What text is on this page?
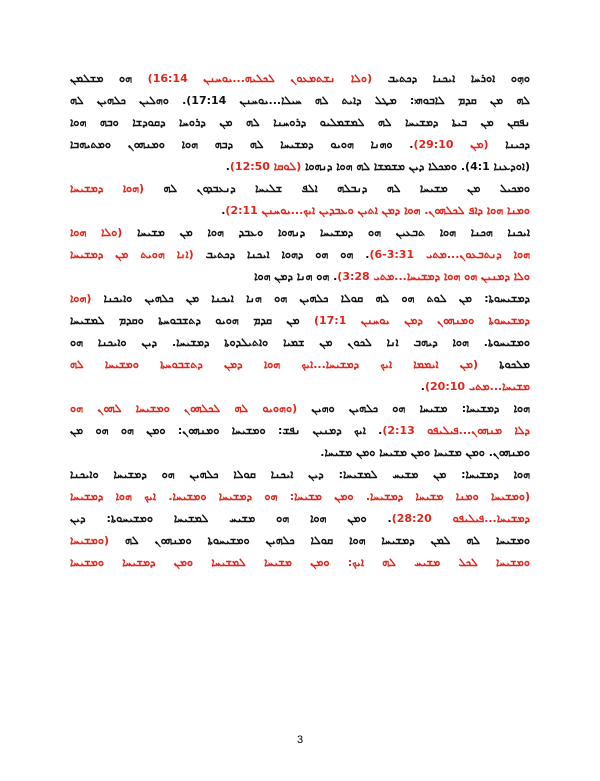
ܘܗ݂ܘ ܐܘܪܚܐ ܐܝܟܢܐ ܕܟܬܝܒ (ܘܠܐ ܢܫܬܡܥܘܢ ܠܟܠܝܗ...ܝܘܚܢܢ 16:14) ܗܘ ܡܫܠܡܢ
ܠܗ ܡܢ ܩܕܡ ܠܐܒܘܗܝ: ܡܛܠ ܕܐܝܬ ܠܗ ܚܝܠܐ...ܝܘܚܢܢ 17:14). ܘܗܠܝܢ ܟܠܗܝܢ ܠܗ
ܢܦܩܢ ܡܢ ܒܝܬܐ ܕܡܫܝܚܐ ܠܗ ܠܡܫܡܠܝܘ ܕܪܘܚܢܐ ܠܗ ܡܢ ܕܪܘܚܐ ܕܩܘܕܫܐ ܘܒܗ ܗܘܐ
ܕܟܝܢܐ (ܡܢ 29:10). ܘܗܢܐ ܗܘܝܘ ܕܡܫܝܚܐ ܠܗ ܕܒܗ ܗܘܐ ܘܡܢܗܘܢ ܘܡܬܝܗܒܐ
(ܐܘܕܥܢܐ 4:1). ܘܡܟܠܐ ܕܝܢ ܡܫܡܫܐ ܠܗ ܗܘܐ ܕܢܗܘܐ (ܠܘܩܐ 12:50).
ܘܡܟܝܠ ܡܢ ܡܫܝܚܐ ܠܗ ܕܢܒܠܗ ܐܠܦ ܫܠܝܚܐ ܕܢܥܒܕܘܢ ܠܗ (ܗܘܐ ܕܡܫܝܚܐ
ܘܡܢܐ ܗܘܐ ܕܐܦ ܠܟܠܗܘܢ. ܗܘܐ ܕܡܢ ܐܬܝܢ ܘܥܒܕܝܢ ܐܝܟ...ܝܘܚܢܢ 2:11).
ܐܝܟܢܐ ܗܟܢܐ ܗܘܐ ܬܒܥܝܢ ܗܘ ܕܡܫܝܚܐ ܕܢܗܘܐ ܘܥܒܕ ܗܘܐ ܡܢ ܡܫܝܚܐ (ܘܠܐ ܗܘܐ
ܗܘܐ ܕܢܬܒܥܘܢ...ܡܬܝ 3:31-6). ܗܘ ܗܘ ܕܗܘܐ ܐܝܟܢܐ ܕܟܬܝܒ (ܐܢܐ ܗܘܝܬ ܡܢ ܕܡܫܝܚܐ
ܘܠܐ ܕܡܢܝܢ ܗܘ ܗܘܐ ܕܡܫܝܚܐ...ܡܬܝ 3:28). ܗܘ ܗܢܐ ܕܡܢ ܗܘܐ
ܕܡܫܝܚܘܬܐ: ܡܢ ܠܘܬ ܗܘ ܠܗ ܩܘܠܐ ܟܠܗܝܢ ܗܘ ܗܢܐ ܐܝܟܢܐ ܡܢ ܟܠܗܝܢ ܘܐܝܟܢܐ (ܗܘܐ
ܕܡܫܝܚܘܬܐ ܘܡܢܗܘܢ ܕܡܢ ܝܘܚܢܢ 17:1) ܡܢ ܩܕܡ ܗܘܝܘ ܕܬܫܒܘܚܬܐ ܘܩܕܡ ܠܡܫܝܚܐ
ܘܡܫܝܚܘܬܐ. ܗܘܐ ܕܝܗܒ ܐܢܐ ܠܟܘܢ ܡܢ ܫܡܝܐ ܘܐܬܝܠܕܘܬܐ ܕܡܫܝܚܐ. ܕܝܢ ܘܐܝܟܢܐ ܗܘ
ܡܠܟܘܬܐ (ܡܢ ܐܝܡܡܐ ܐܝܟ ܕܡܫܝܚܐ...ܐܝܟ ܗܘܐ ܕܡܢ ܕܬܫܒܘܚܬܐ ܘܡܫܝܚܐ ܠܗ
ܡܫܝܚܐ...ܡܬܝ 20:10).
ܗܘܐ ܕܡܫܝܚܐ: ܡܫܝܚܐ ܗܘ ܟܠܗܝܢ ܘܗܝܢ (ܘܗܘܝܘ ܠܗ ܠܟܠܗܘܢ ܘܡܫܝܚܐ ܠܗܘܢ ܗܘ
ܕܠܐ ܡܢܗܘܢ...ܦܝܠܝܦܘ 2:13). ܐܝܟ ܕܡܢܝܢ ܢܦܫ: ܘܡܫܝܚܐ ܘܡܢܗܘܢ: ܘܡܢ ܗܘ ܗܘ ܡܢ
ܘܡܢܗܘܢ. ܘܡܢ ܡܫܝܚܐ ܘܡܢ ܡܫܝܚܐ ܘܡܢ ܡܫܝܚܐ.
ܗܘܐ ܕܡܫܝܚܐ: ܡܢ ܡܫܝܚ ܠܡܫܝܚܐ: ܕܝܢ ܐܝܟܢܐ ܩܘܠܐ ܟܠܗܝܢ ܗܘ ܕܡܫܝܚܐ ܘܐܝܟܢܐ
(ܘܡܫܝܚܐ ܘܡܢܐ ܡܫܝܚܐ ܕܡܫܝܚܐ. ܘܡܢ ܡܫܝܚܐ: ܗܘ ܕܡܫܝܚܐ ܘܡܫܝܚܐ. ܐܝܟ ܗܘܐ ܕܡܫܝܚܐ
ܕܡܫܝܚܐ...ܦܝܠܝܦܘ 28:20). ܘܡܢ ܗܘܐ ܗܘ ܡܫܝܚ ܠܡܫܝܚܐ ܘܡܫܝܚܘܬܐ: ܕܝܢ
ܘܡܫܝܚܐ ܠܗ ܠܡܢ ܕܡܫܝܚܐ ܗܘܐ ܩܘܠܐ ܟܠܗܝܢ ܘܡܫܝܚܘܬܐ ܘܡܢܗܘܢ ܠܗ (ܘܡܫܝܚܐ
ܘܡܫܝܚܐ ܠܟܠ ܡܫܝܚ ܠܗ ܐܝܟ: ܘܡܢ ܡܫܝܚܐ ܠܡܫܝܚܐ ܘܡܢ ܕܡܫܝܚܐ ܘܡܫܝܚܐ
3
